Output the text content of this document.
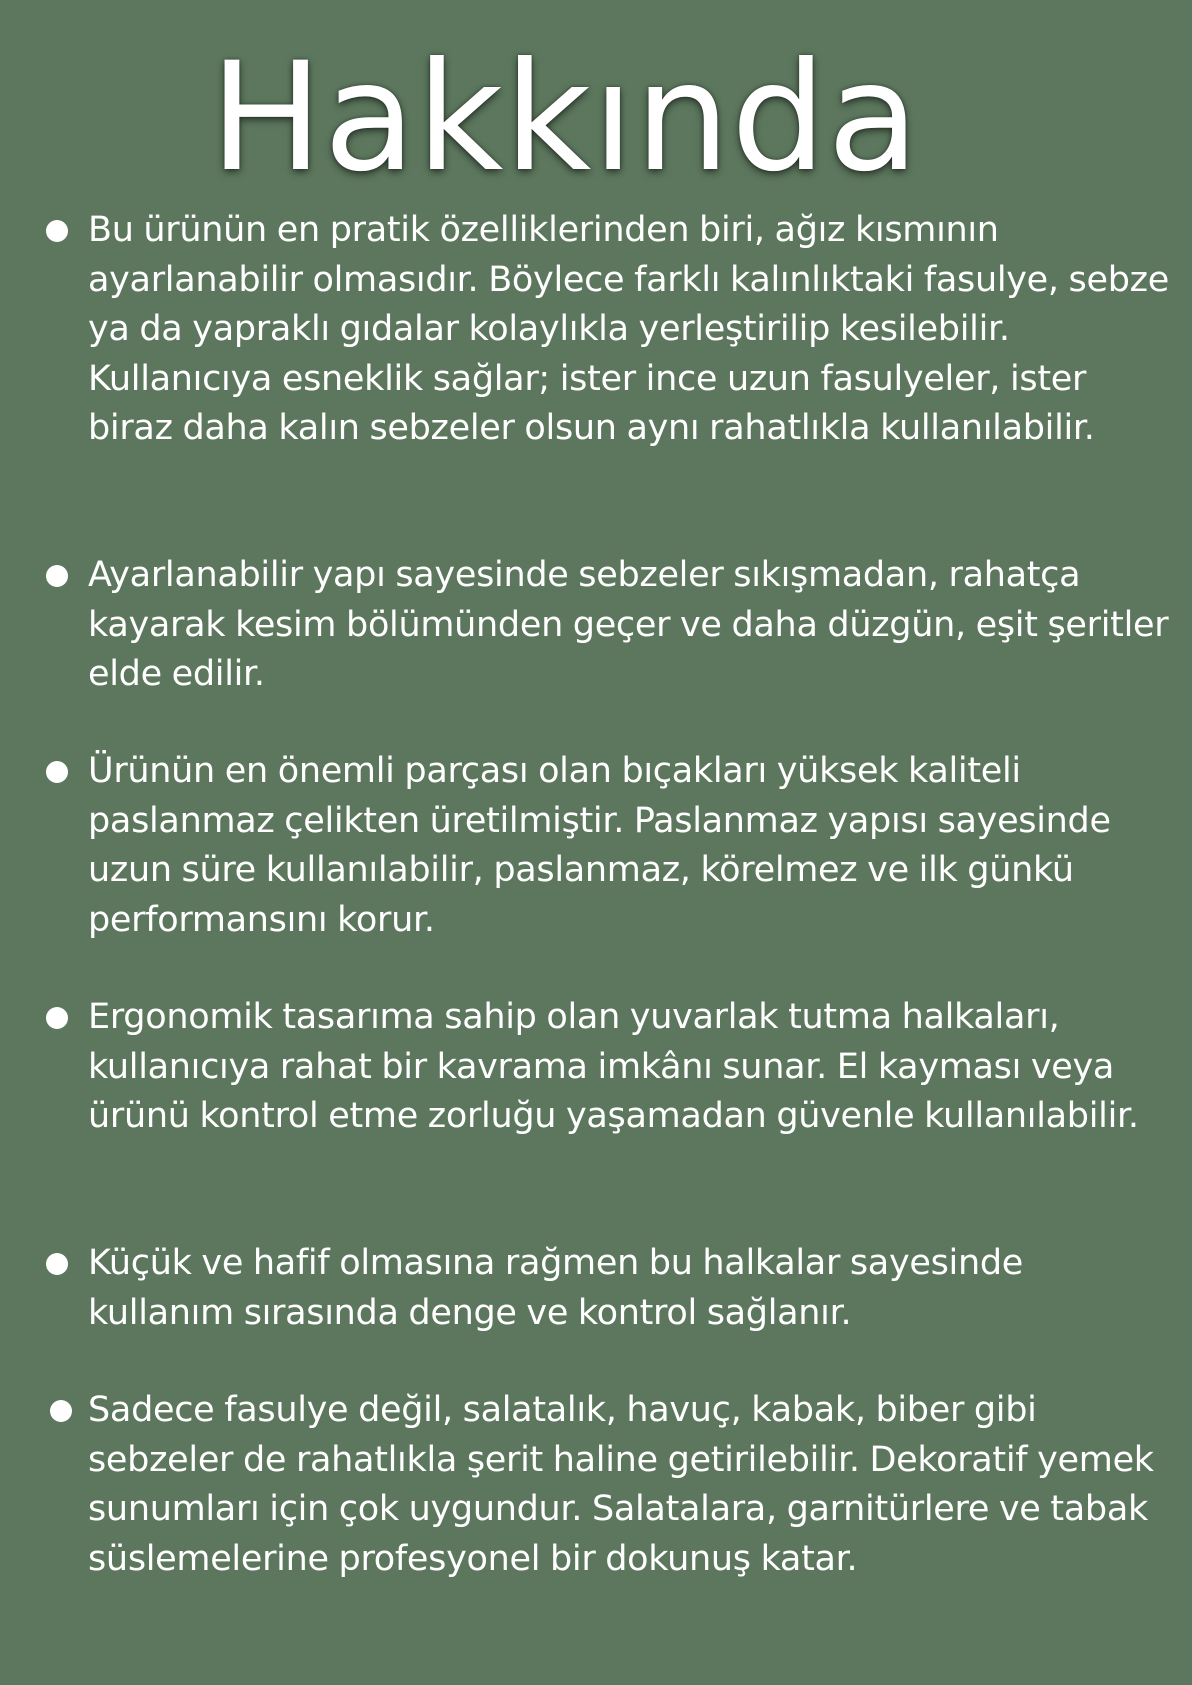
Hakkında
Bu ürünün en pratik özelliklerinden biri, ağız kısmının ayarlanabilir olmasıdır. Böylece farklı kalınlıktaki fasulye, sebze ya da yapraklı gıdalar kolaylıkla yerleştirilip kesilebilir. Kullanıcıya esneklik sağlar; ister ince uzun fasulyeler, ister biraz daha kalın sebzeler olsun aynı rahatlıkla kullanılabilir.
Ayarlanabilir yapı sayesinde sebzeler sıkışmadan, rahatça kayarak kesim bölümünden geçer ve daha düzgün, eşit şeritler elde edilir.
Ürünün en önemli parçası olan bıçakları yüksek kaliteli paslanmaz çelikten üretilmiştir. Paslanmaz yapısı sayesinde uzun süre kullanılabilir, paslanmaz, körelmez ve ilk günkü performansını korur.
Ergonomik tasarıma sahip olan yuvarlak tutma halkaları, kullanıcıya rahat bir kavrama imkânı sunar. El kayması veya ürünü kontrol etme zorluğu yaşamadan güvenle kullanılabilir.
Küçük ve hafif olmasına rağmen bu halkalar sayesinde kullanım sırasında denge ve kontrol sağlanır.
Sadece fasulye değil, salatalık, havuç, kabak, biber gibi sebzeler de rahatlıkla şerit haline getirilebilir. Dekoratif yemek sunumları için çok uygundur. Salatalara, garnitürlere ve tabak süslemelerine profesyonel bir dokunuş katar.
